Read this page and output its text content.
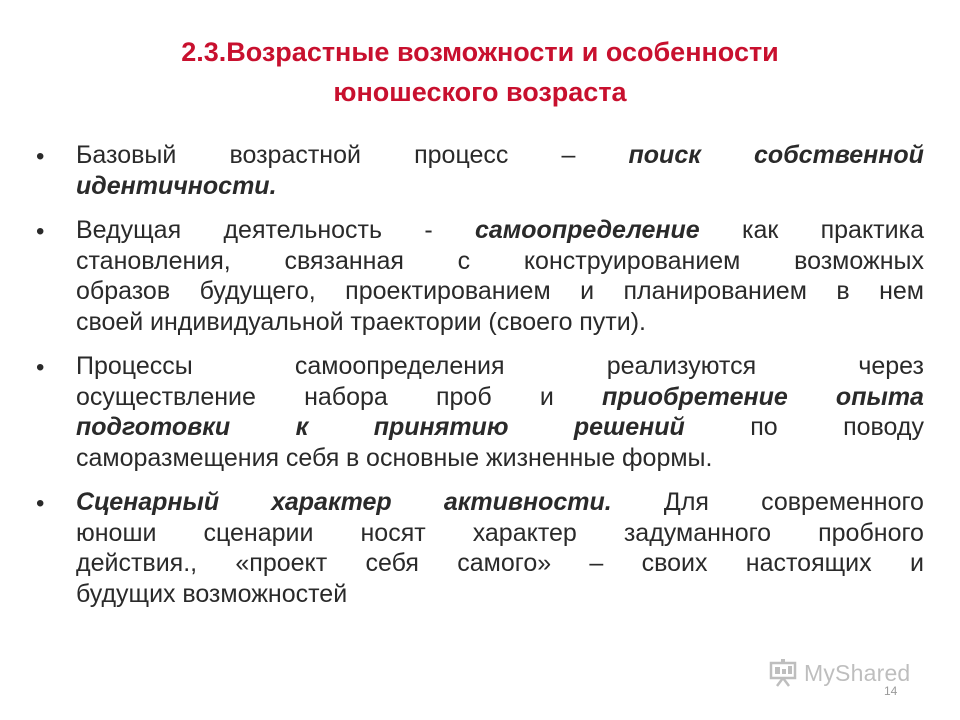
2.3.Возрастные возможности и особенности
юношеского возраста
• Базовый возрастной процесс – поиск собственной
идентичности.
• Ведущая деятельность - самоопределение как практика
становления, связанная с конструированием возможных
образов будущего, проектированием и планированием в нем
своей индивидуальной траектории (своего пути).
• Процессы	самоопределения	реализуются	через
осуществление набора проб и приобретение опыта
подготовки	к	принятию	решений	по	поводу
саморазмещения себя в основные жизненные формы.
• Сценарный характер активности. Для современного
юноши сценарии носят характер задуманного пробного
действия., «проект себя самого» – своих настоящих и
будущих возможностей
MyShared
14
